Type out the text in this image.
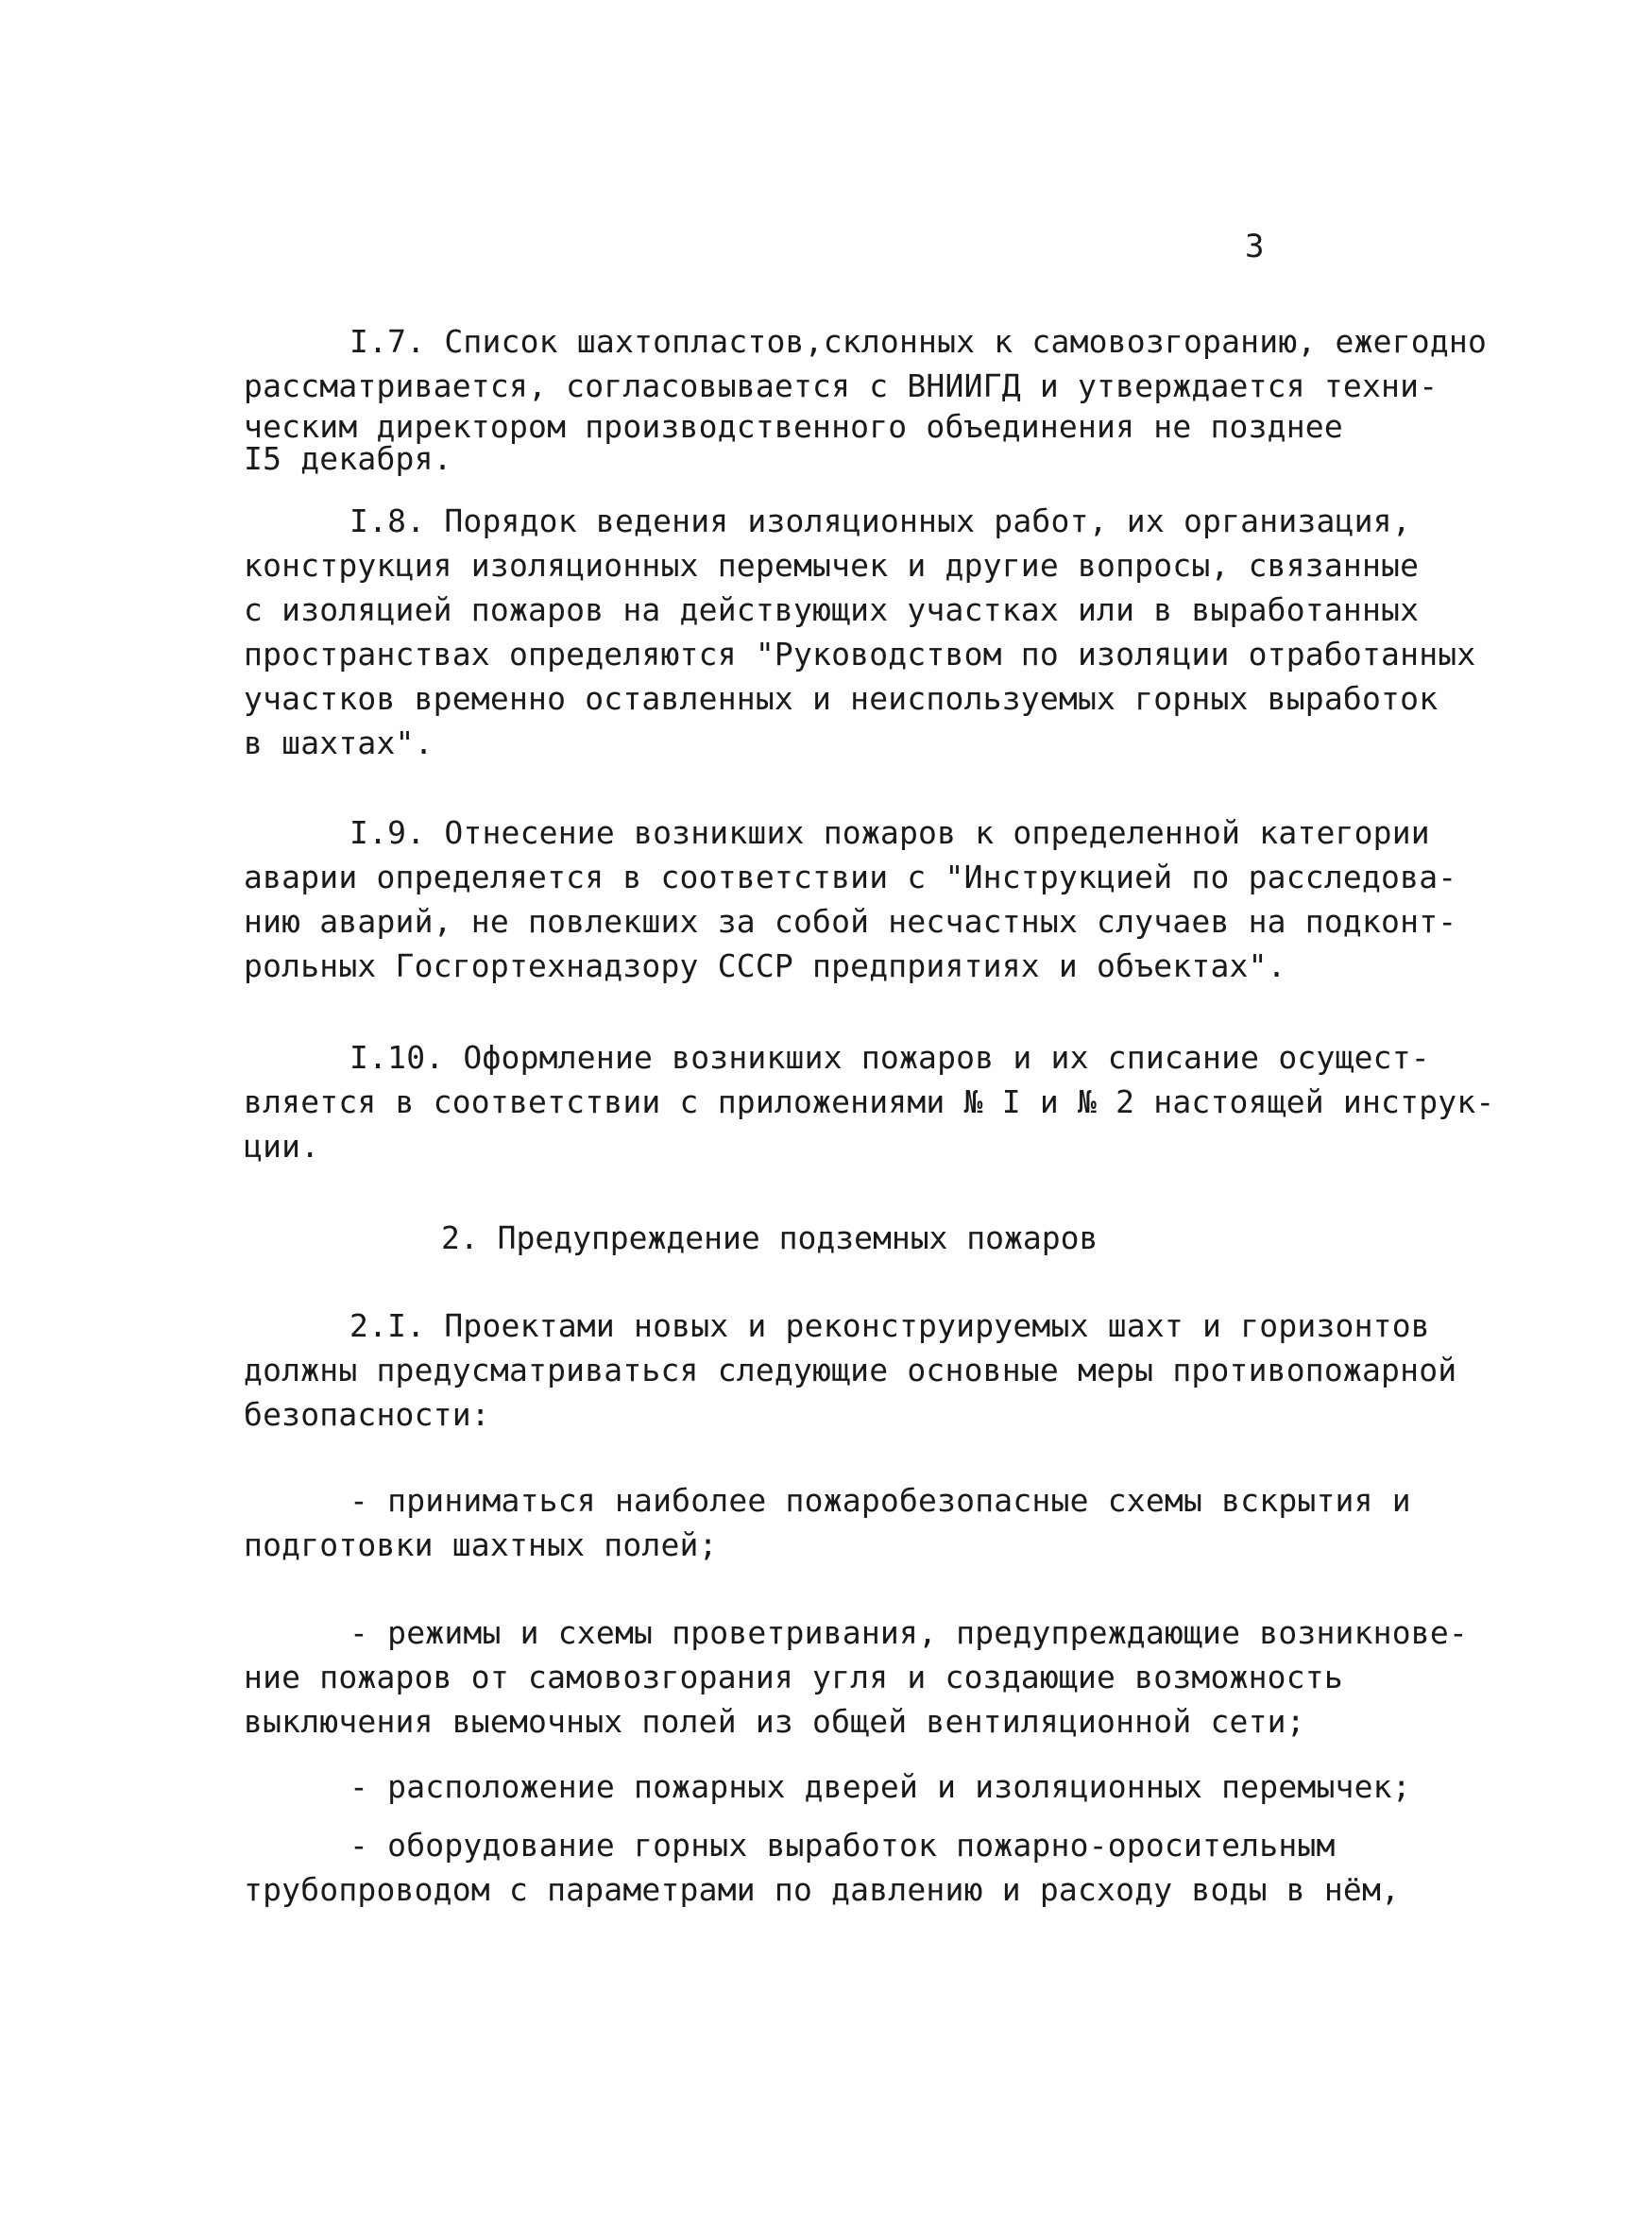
3
I.7. Список шахтопластов,склонных к самовозгоранию, ежегодно
рассматривается, согласовывается с ВНИИГД и утверждается техни-
ческим директором производственного объединения не позднее
I5 декабря.
I.8. Порядок ведения изоляционных работ, их организация,
конструкция изоляционных перемычек и другие вопросы, связанные
с изоляцией пожаров на действующих участках или в выработанных
пространствах определяются "Руководством по изоляции отработанных
участков временно оставленных и неиспользуемых горных выработок
в шахтах".
I.9. Отнесение возникших пожаров к определенной категории
аварии определяется в соответствии с "Инструкцией по расследова-
нию аварий, не повлекших за собой несчастных случаев на подконт-
рольных Госгортехнадзору СССР предприятиях и объектах".
I.10. Оформление возникших пожаров и их списание осущест-
вляется в соответствии с приложениями № I и № 2 настоящей инструк-
ции.
2. Предупреждение подземных пожаров
2.I. Проектами новых и реконструируемых шахт и горизонтов
должны предусматриваться следующие основные меры противопожарной
безопасности:
- приниматься наиболее пожаробезопасные схемы вскрытия и
подготовки шахтных полей;
- режимы и схемы проветривания, предупреждающие возникнове-
ние пожаров от самовозгорания угля и создающие возможность
выключения выемочных полей из общей вентиляционной сети;
- расположение пожарных дверей и изоляционных перемычек;
- оборудование горных выработок пожарно-оросительным
трубопроводом с параметрами по давлению и расходу воды в нём,
